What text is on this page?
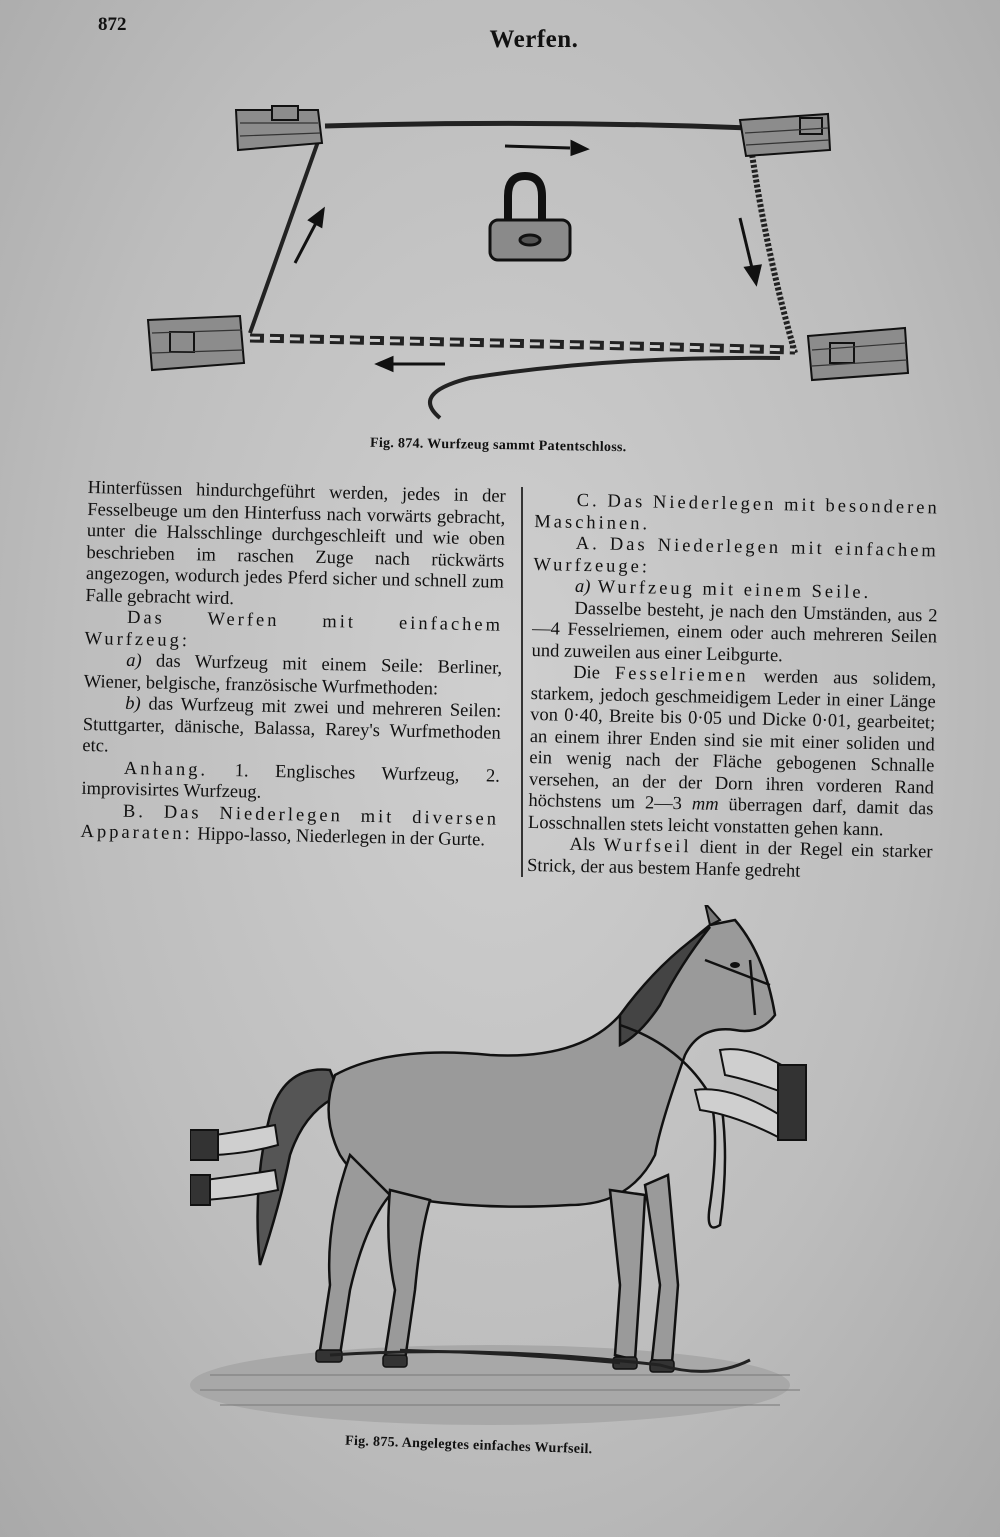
872
Werfen.
Fig. 874. Wurfzeug sammt Patentschloss.

Hinterfüssen hindurchgeführt werden, jedes in der Fesselbeuge um den Hinterfuss nach vorwärts gebracht, unter die Halsschlinge durchgeschleift und wie oben beschrieben im raschen Zuge nach rückwärts angezogen, wodurch jedes Pferd sicher und schnell zum Falle gebracht wird.

Das Werfen mit einfachem Wurfzeug:

a) das Wurfzeug mit einem Seile: Berliner, Wiener, belgische, französische Wurfmethoden:

b) das Wurfzeug mit zwei und mehreren Seilen: Stuttgarter, dänische, Balassa, Rarey's Wurfmethoden etc.

Anhang. 1. Englisches Wurfzeug, 2. improvisirtes Wurfzeug.

B. Das Niederlegen mit diversen Apparaten: Hippo-lasso, Niederlegen in der Gurte.

C. Das Niederlegen mit besonderen Maschinen.

A. Das Niederlegen mit einfachem Wurfzeuge:

a) Wurfzeug mit einem Seile.

Dasselbe besteht, je nach den Umständen, aus 2—4 Fesselriemen, einem oder auch mehreren Seilen und zuweilen aus einer Leibgurte.

Die Fesselriemen werden aus solidem, starkem, jedoch geschmeidigem Leder in einer Länge von 0·40, Breite bis 0·05 und Dicke 0·01, gearbeitet; an einem ihrer Enden sind sie mit einer soliden und ein wenig nach der Fläche gebogenen Schnalle versehen, an der der Dorn ihren vorderen Rand höchstens um 2—3 mm überragen darf, damit das Losschnallen stets leicht vonstatten gehen kann.

Als Wurfseil dient in der Regel ein starker Strick, der aus bestem Hanfe gedreht

Fig. 875. Angelegtes einfaches Wurfseil.
